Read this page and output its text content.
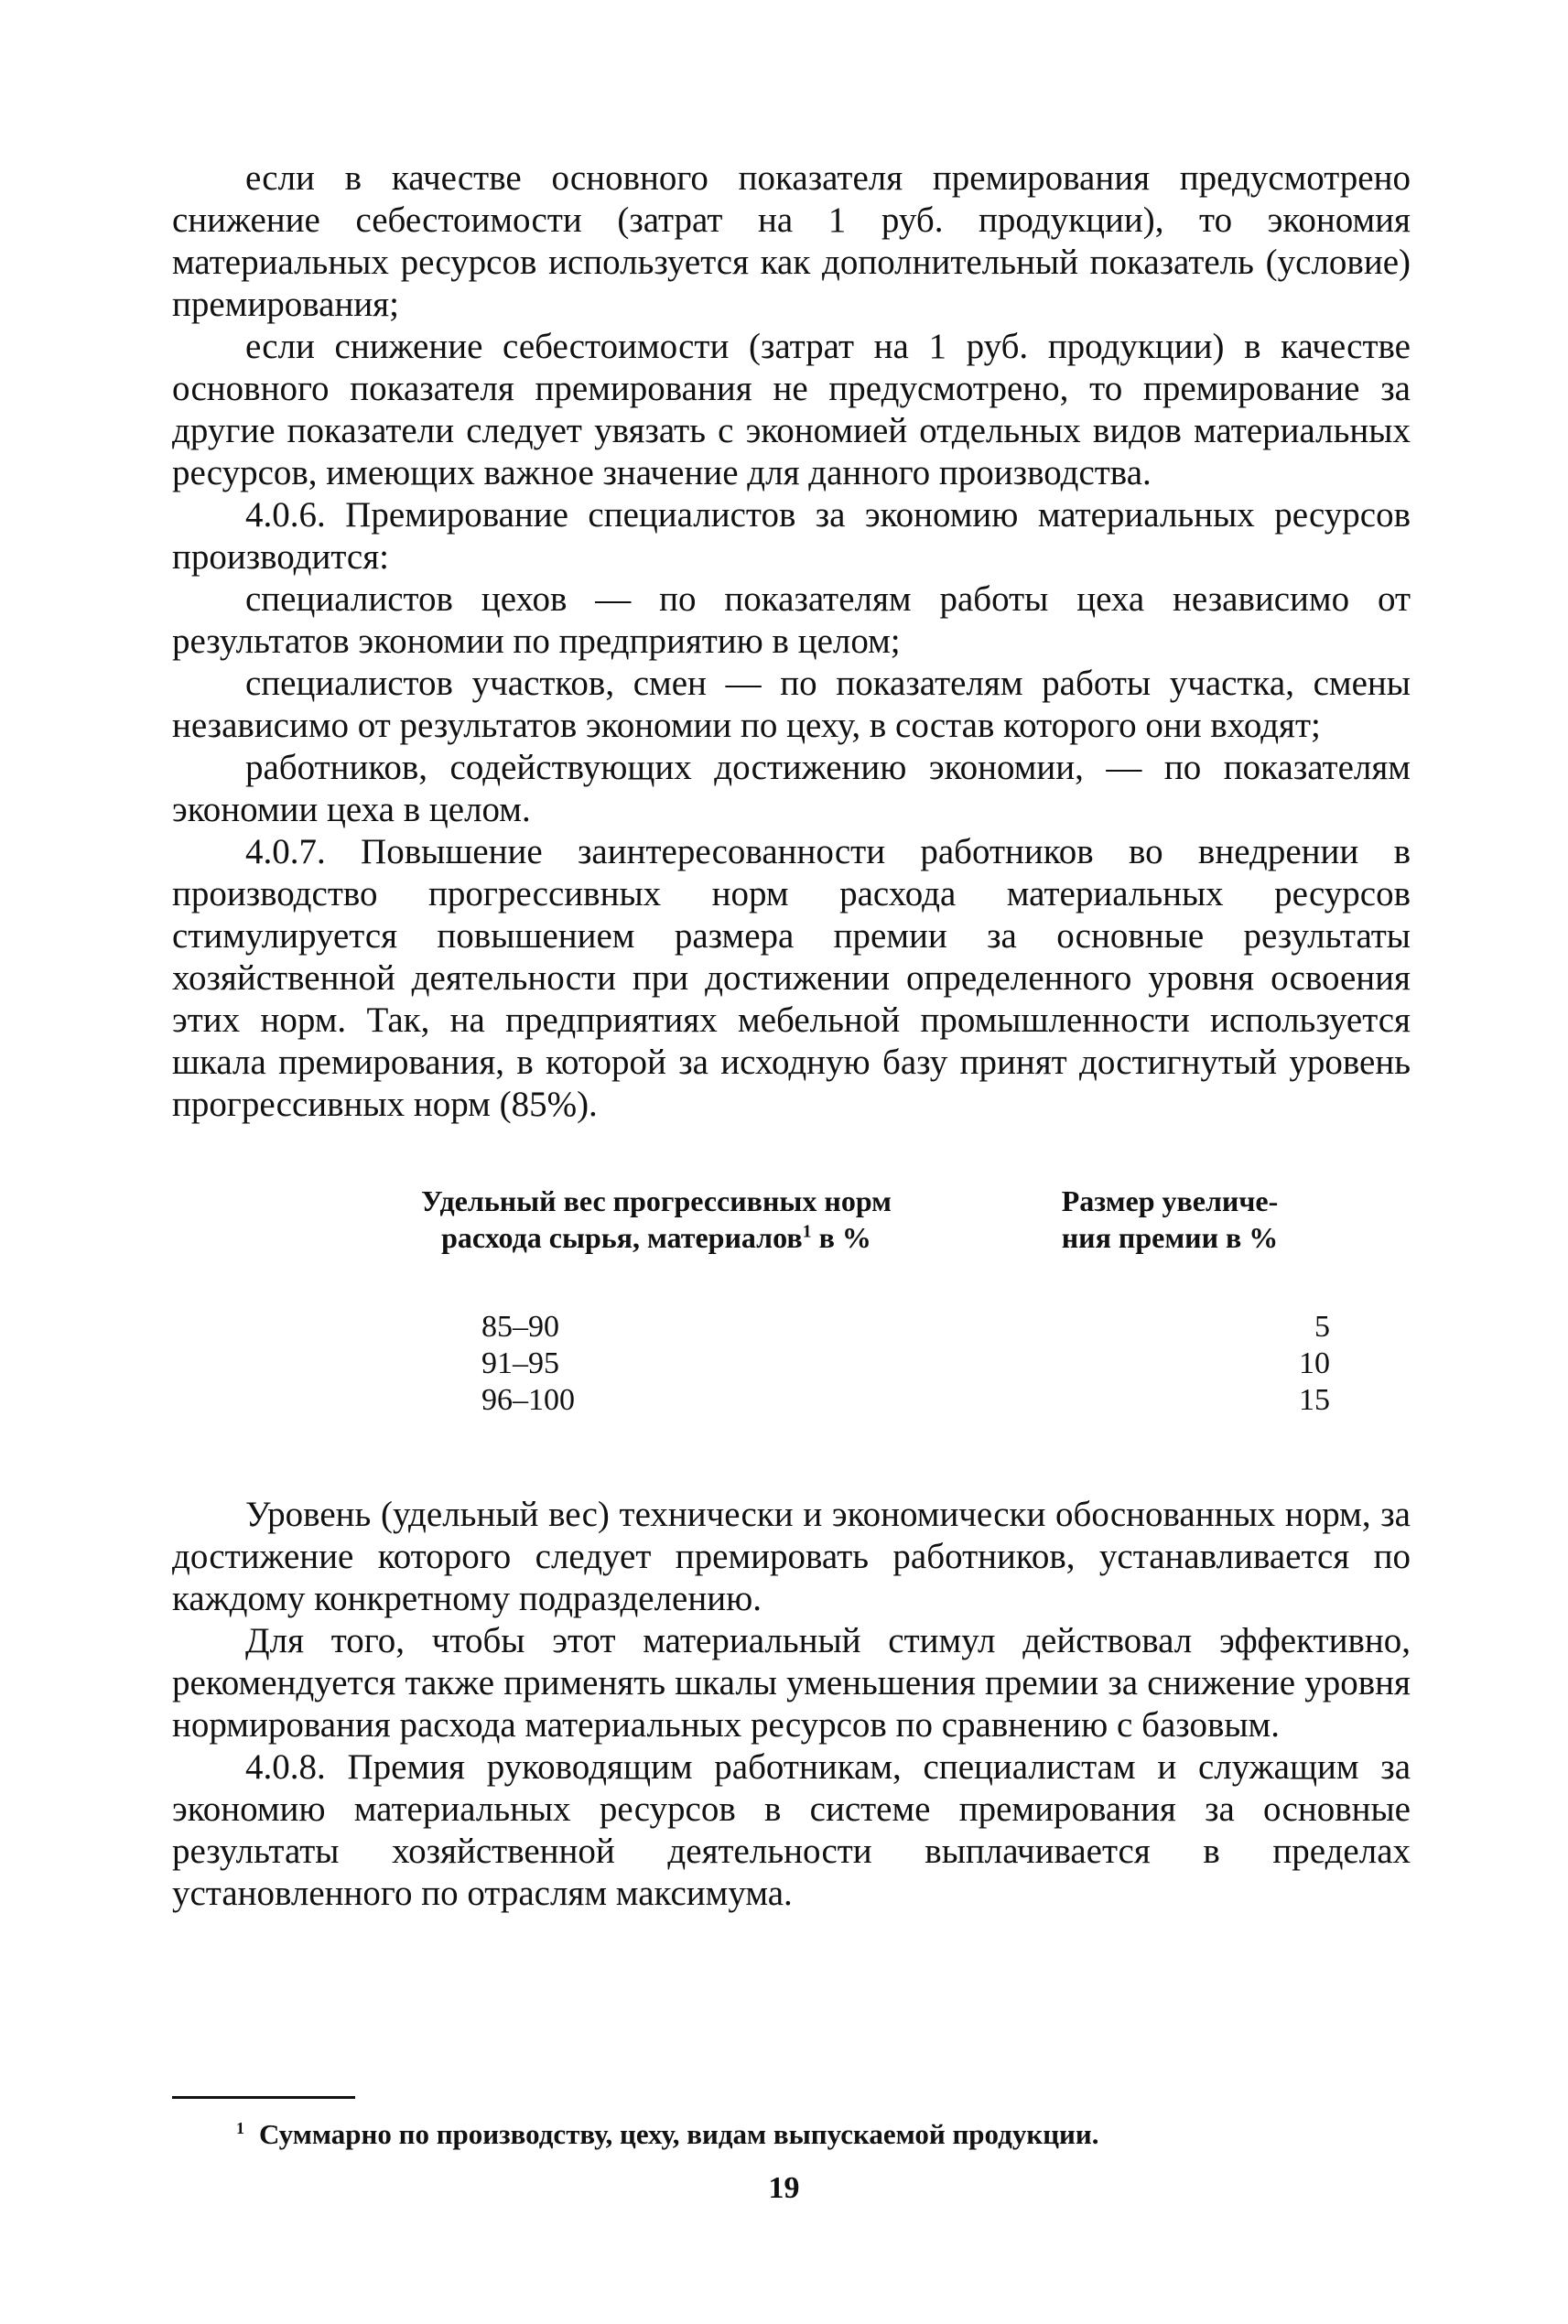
если в качестве основного показателя премирования предусмотрено снижение себестоимости (затрат на 1 руб. продукции), то экономия материальных ресурсов используется как дополнительный показатель (условие) премирования;

если снижение себестоимости (затрат на 1 руб. продукции) в качестве основного показателя премирования не предусмотрено, то премирование за другие показатели следует увязать с экономией отдельных видов материальных ресурсов, имеющих важное значение для данного производства.

4.0.6. Премирование специалистов за экономию материальных ресурсов производится:

специалистов цехов — по показателям работы цеха независимо от результатов экономии по предприятию в целом;

специалистов участков, смен — по показателям работы участка, смены независимо от результатов экономии по цеху, в состав которого они входят;

работников, содействующих достижению экономии, — по показателям экономии цеха в целом.

4.0.7. Повышение заинтересованности работников во внедрении в производство прогрессивных норм расхода материальных ресурсов стимулируется повышением размера премии за основные результаты хозяйственной деятельности при достижении определенного уровня освоения этих норм. Так, на предприятиях мебельной промышленности используется шкала премирования, в которой за исходную базу принят достигнутый уровень прогрессивных норм (85%).

Удельный вес прогрессивных норм
расхода сырья, материалов$^1$ в %
Размер увеличе-
ния премии в %
85–90	5
91–95	10
96–100	15

Уровень (удельный вес) технически и экономически обоснованных норм, за достижение которого следует премировать работников, устанавливается по каждому конкретному подразделению.

Для того, чтобы этот материальный стимул действовал эффективно, рекомендуется также применять шкалы уменьшения премии за снижение уровня нормирования расхода материальных ресурсов по сравнению с базовым.

4.0.8. Премия руководящим работникам, специалистам и служащим за экономию материальных ресурсов в системе премирования за основные результаты хозяйственной деятельности выплачивается в пределах установленного по отраслям максимума.

$^1$ Суммарно по производству, цеху, видам выпускаемой продукции.
19
